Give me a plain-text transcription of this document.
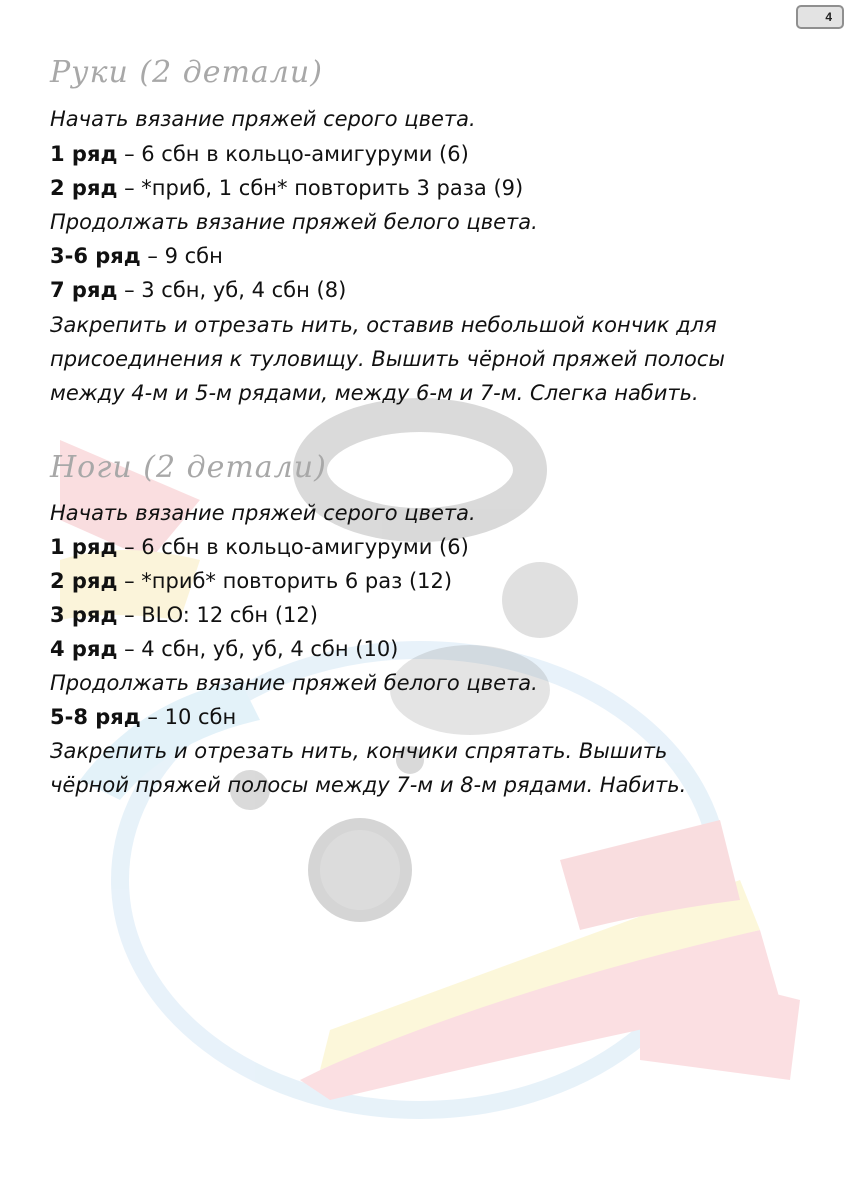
4
Руки (2 детали)
Начать вязание пряжей серого цвета.
1 ряд – 6 сбн в кольцо-амигуруми (6)
2 ряд – *приб, 1 сбн* повторить 3 раза (9)
Продолжать вязание пряжей белого цвета.
3-6 ряд – 9 сбн
7 ряд – 3 сбн, уб, 4 сбн (8)
Закрепить и отрезать нить, оставив небольшой кончик для
присоединения к туловищу. Вышить чёрной пряжей полосы
между 4-м и 5-м рядами, между 6-м и 7-м. Слегка набить.
Ноги (2 детали)
Начать вязание пряжей серого цвета.
1 ряд – 6 сбн в кольцо-амигуруми (6)
2 ряд – *приб* повторить 6 раз (12)
3 ряд – BLO: 12 сбн (12)
4 ряд – 4 сбн, уб, уб, 4 сбн (10)
Продолжать вязание пряжей белого цвета.
5-8 ряд – 10 сбн
Закрепить и отрезать нить, кончики спрятать. Вышить
чёрной пряжей полосы между 7-м и 8-м рядами. Набить.
